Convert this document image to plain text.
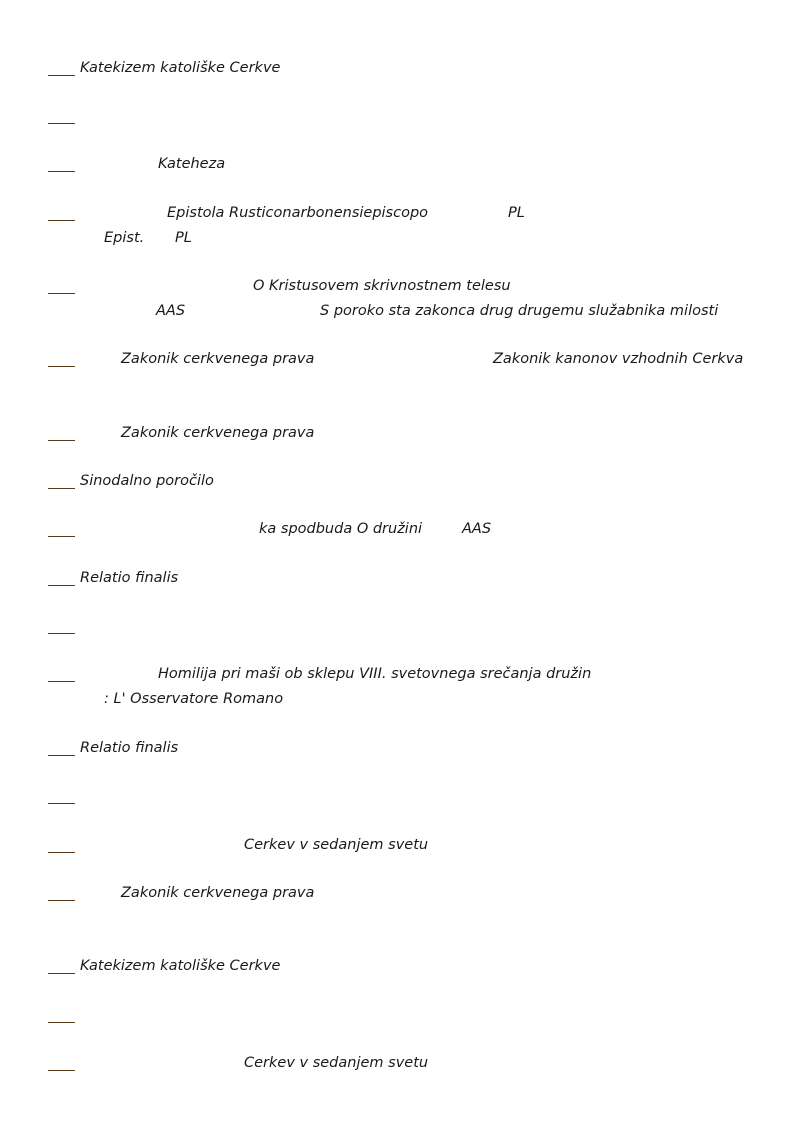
Katekizem katoliške Cerkve
Kateheza
Epistola Rusticonarbonensiepiscopo	PL
Epist. PL
O Kristusovem skrivnostnem telesu
AAS	S poroko sta zakonca drug drugemu služabnika milosti
Zakonik cerkvenega prava	Zakonik kanonov vzhodnih Cerkva
Zakonik cerkvenega prava
Sinodalno poročilo
ka spodbuda O družini	AAS
Relatio finalis
Homilija pri maši ob sklepu VIII. svetovnega srečanja družin
: L' Osservatore Romano
Relatio finalis
Cerkev v sedanjem svetu
Zakonik cerkvenega prava
Katekizem katoliške Cerkve
Cerkev v sedanjem svetu
